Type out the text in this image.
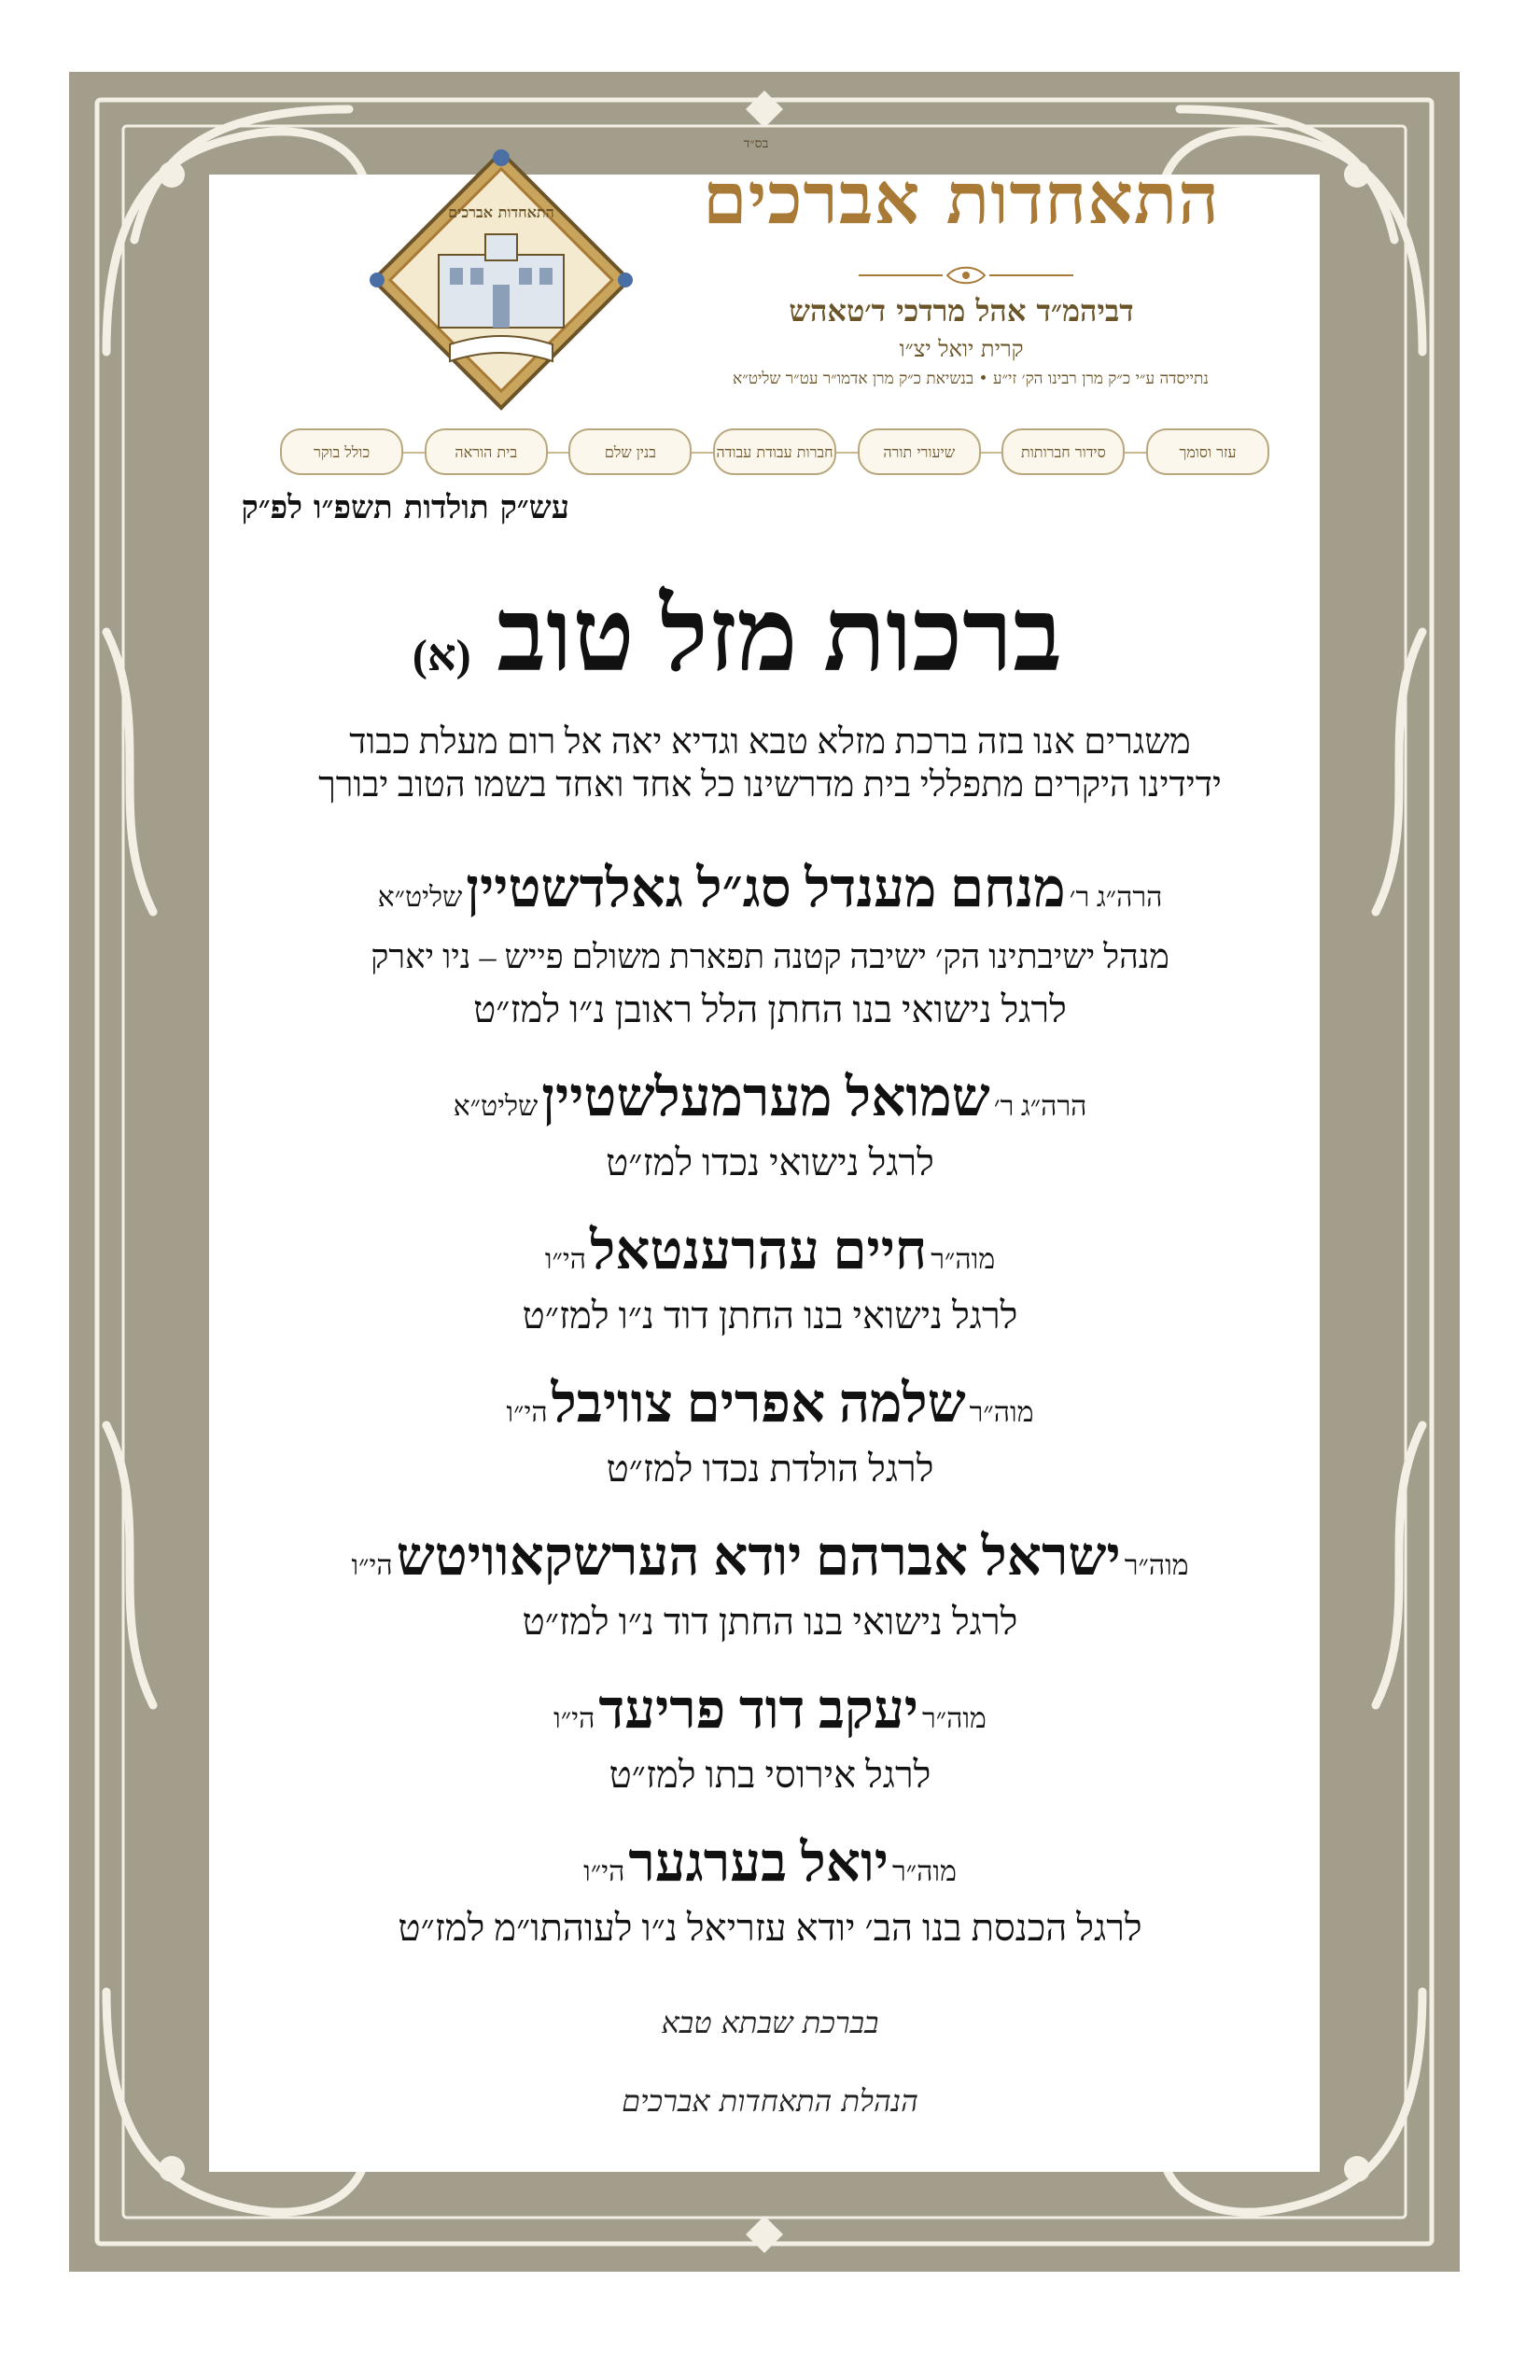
בס״ד
התאחדות אברכים
דביהמ״ד אהל מרדכי ד׳טאהש
קרית יואל יצ״ו
נתייסדה ע״י כ״ק מרן רבינו הק׳ זי״ע • בנשיאת כ״ק מרן אדמו״ר עט״ר שליט״א
התאחדות אברכים
כולל בוקר	בית הוראה	בנין שלם	חברות עבודת עבודה	שיעורי תורה	סידור חברותות	עזר וסומך
עש״ק תולדות תשפ״ו לפ״ק
ברכות מזל טוב (א)
משגרים אנו בזה ברכת מזלא טבא וגדיא יאה אל רום מעלת כבוד
ידידינו היקרים מתפללי בית מדרשינו כל אחד ואחד בשמו הטוב יבורך
הרה״ג ר׳ מנחם מענדל סג״ל גאלדשטיין שליט״א
מנהל ישיבתינו הק׳ ישיבה קטנה תפארת משולם פייש – ניו יארק
לרגל נישואי בנו החתן הלל ראובן נ״ו למז״ט
הרה״ג ר׳ שמואל מערמעלשטיין שליט״א
לרגל נישואי נכדו למז״ט
מוה״ר חיים עהרענטאל הי״ו
לרגל נישואי בנו החתן דוד נ״ו למז״ט
מוה״ר שלמה אפרים צוויבל הי״ו
לרגל הולדת נכדו למז״ט
מוה״ר ישראל אברהם יודא הערשקאוויטש הי״ו
לרגל נישואי בנו החתן דוד נ״ו למז״ט
מוה״ר יעקב דוד פריעד הי״ו
לרגל אירוסי בתו למז״ט
מוה״ר יואל בערגער הי״ו
לרגל הכנסת בנו הב׳ יודא עזריאל נ״ו לעוהתו״מ למז״ט
בברכת שבתא טבא
הנהלת התאחדות אברכים
